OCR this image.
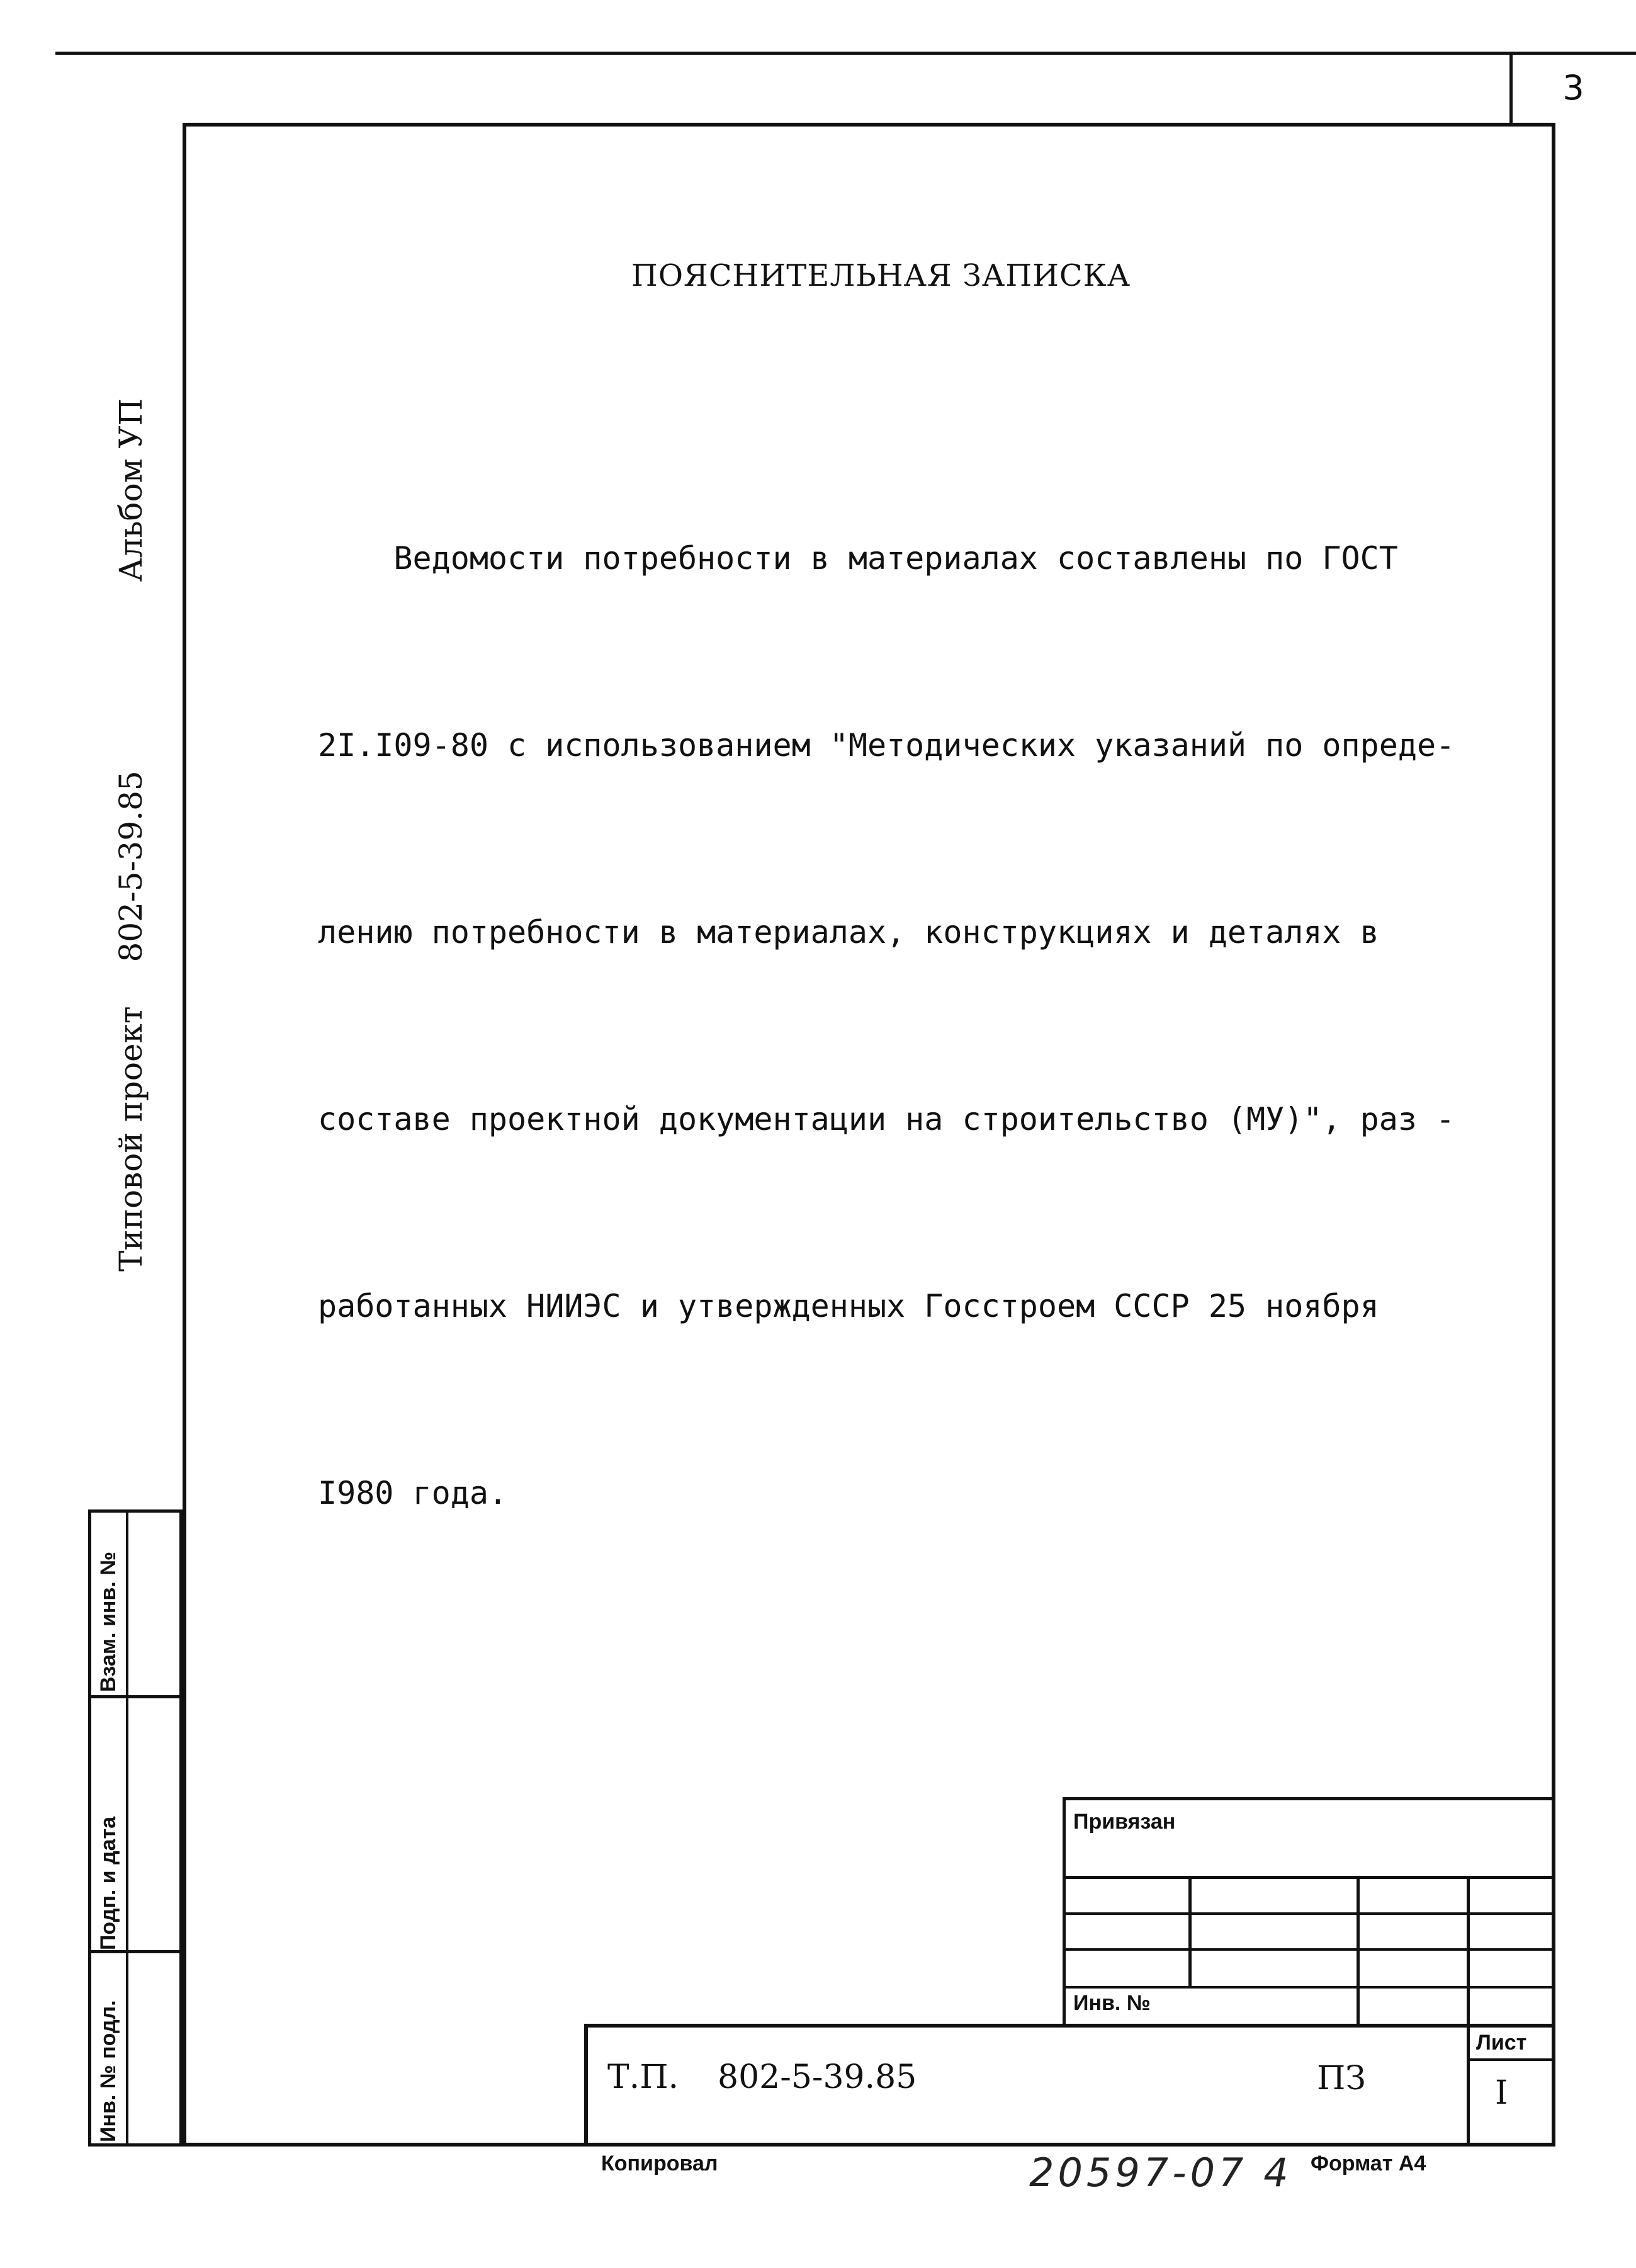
3
ПОЯСНИТЕЛЬНАЯ ЗАПИСКА

Ведомости потребности в материалах составлены по ГОСТ

2I.I09-80 с использованием "Методических указаний по опреде-

лению потребности в материалах, конструкциях и деталях в

составе проектной документации на строительство (МУ)", раз -

работанных НИИЭС и утвержденных Госстроем СССР 25 ноября

I980 года.

Типовой проект
802-5-39.85
Альбом УП
Взам. инв. №
Подп. и дата
Инв. № подл.
Привязан
Инв. №
Т.П. 802-5-39.85	ПЗ
Лист
I
Копировал	20597-07 4 Формат А4
